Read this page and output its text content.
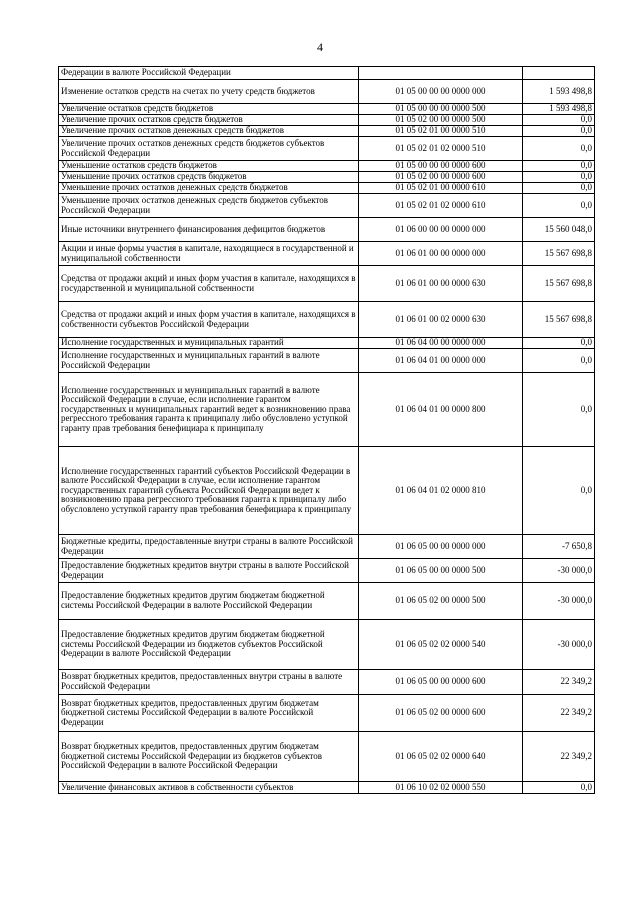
4
Федерации в валюте Российской Федерации		
Изменение остатков средств на счетах по учету средств бюджетов	01 05 00 00 00 0000 000	1 593 498,8
Увеличение остатков средств бюджетов	01 05 00 00 00 0000 500	1 593 498,8
Увеличение прочих остатков средств бюджетов	01 05 02 00 00 0000 500	0,0
Увеличение прочих остатков денежных средств бюджетов	01 05 02 01 00 0000 510	0,0
Увеличение прочих остатков денежных средств бюджетов субъектов Российской Федерации	01 05 02 01 02 0000 510	0,0
Уменьшение остатков средств бюджетов	01 05 00 00 00 0000 600	0,0
Уменьшение прочих остатков средств бюджетов	01 05 02 00 00 0000 600	0,0
Уменьшение прочих остатков денежных средств бюджетов	01 05 02 01 00 0000 610	0,0
Уменьшение прочих остатков денежных средств бюджетов субъектов Российской Федерации	01 05 02 01 02 0000 610	0,0
Иные источники внутреннего финансирования дефицитов бюджетов	01 06 00 00 00 0000 000	15 560 048,0
Акции и иные формы участия в капитале, находящиеся в государственной и муниципальной собственности	01 06 01 00 00 0000 000	15 567 698,8
Средства от продажи акций и иных форм участия в капитале, находящихся в государственной и муниципальной собственности	01 06 01 00 00 0000 630	15 567 698,8
Средства от продажи акций и иных форм участия в капитале, находящихся в собственности субъектов Российской Федерации	01 06 01 00 02 0000 630	15 567 698,8
Исполнение государственных и муниципальных гарантий	01 06 04 00 00 0000 000	0,0
Исполнение государственных и муниципальных гарантий в валюте Российской Федерации	01 06 04 01 00 0000 000	0,0
Исполнение государственных и муниципальных гарантий в валюте Российской Федерации в случае, если исполнение гарантом государственных и муниципальных гарантий ведет к возникновению права регрессного требования гаранта к принципалу либо обусловлено уступкой гаранту прав требования бенефициара к принципалу	01 06 04 01 00 0000 800	0,0
Исполнение государственных гарантий субъектов Российской Федерации в валюте Российской Федерации в случае, если исполнение гарантом государственных гарантий субъекта Российской Федерации ведет к возникновению права регрессного требования гаранта к принципалу либо обусловлено уступкой гаранту прав требования бенефициара к принципалу	01 06 04 01 02 0000 810	0,0
Бюджетные кредиты, предоставленные внутри страны в валюте Российской Федерации	01 06 05 00 00 0000 000	-7 650,8
Предоставление бюджетных кредитов внутри страны в валюте Российской Федерации	01 06 05 00 00 0000 500	-30 000,0
Предоставление бюджетных кредитов другим бюджетам бюджетной системы Российской Федерации в валюте Российской Федерации	01 06 05 02 00 0000 500	-30 000,0
Предоставление бюджетных кредитов другим бюджетам бюджетной системы Российской Федерации из бюджетов субъектов Российской Федерации в валюте Российской Федерации	01 06 05 02 02 0000 540	-30 000,0
Возврат бюджетных кредитов, предоставленных внутри страны в валюте Российской Федерации	01 06 05 00 00 0000 600	22 349,2
Возврат бюджетных кредитов, предоставленных другим бюджетам бюджетной системы Российской Федерации в валюте Российской Федерации	01 06 05 02 00 0000 600	22 349,2
Возврат бюджетных кредитов, предоставленных другим бюджетам бюджетной системы Российской Федерации из бюджетов субъектов Российской Федерации в валюте Российской Федерации	01 06 05 02 02 0000 640	22 349,2
Увеличение финансовых активов в собственности субъектов	01 06 10 02 02 0000 550	0,0
